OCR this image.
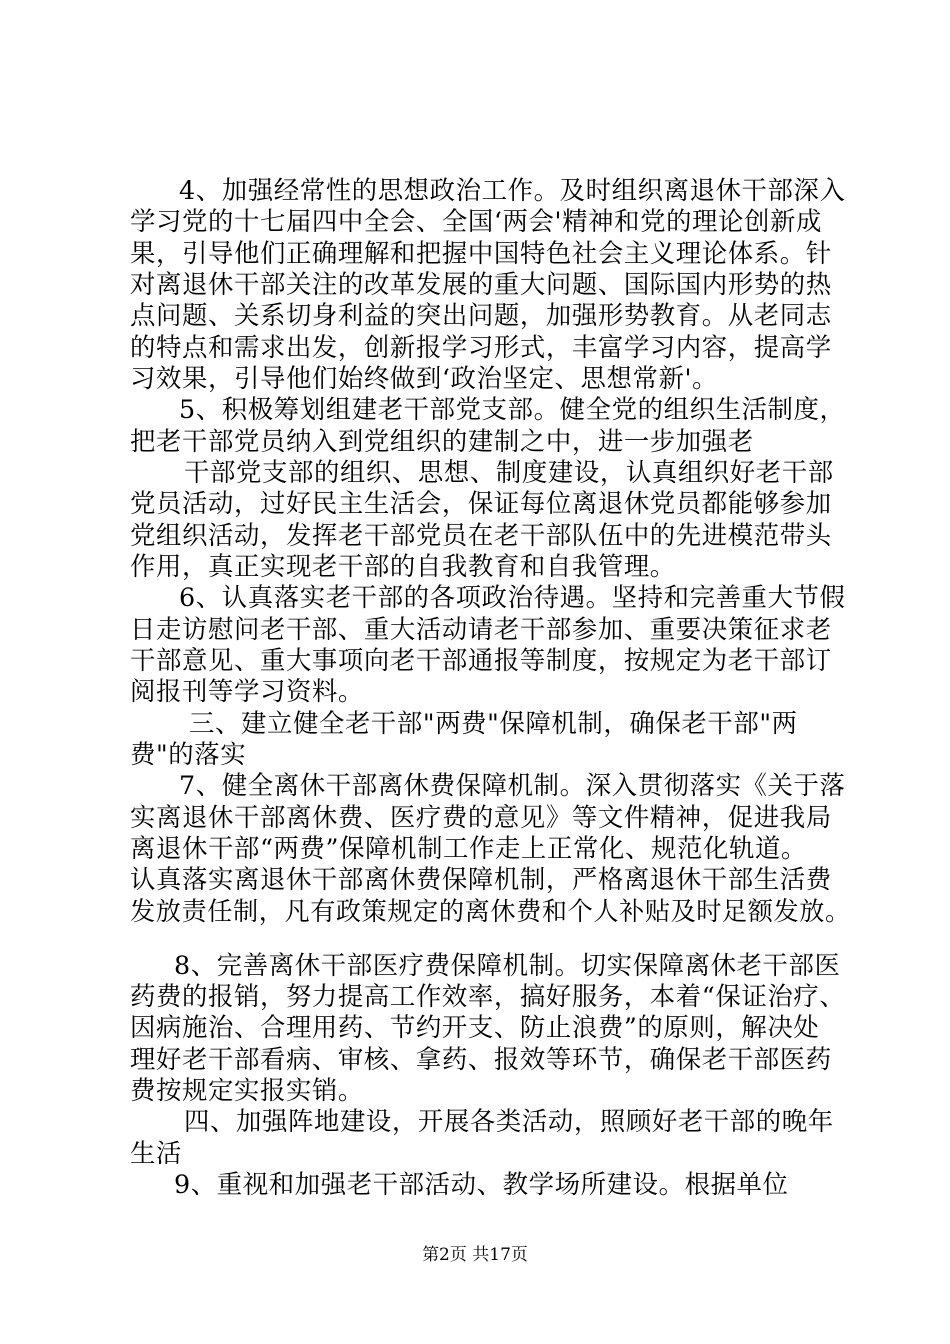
4、加强经常性的思想政治工作。及时组织离退休干部深入
学习党的十七届四中全会、全国‘两会'精神和党的理论创新成
果，引导他们正确理解和把握中国特色社会主义理论体系。针
对离退休干部关注的改革发展的重大问题、国际国内形势的热
点问题、关系切身利益的突出问题，加强形势教育。从老同志
的特点和需求出发，创新报学习形式，丰富学习内容，提高学
习效果，引导他们始终做到‘政治坚定、思想常新'。
5、积极筹划组建老干部党支部。健全党的组织生活制度，
把老干部党员纳入到党组织的建制之中，进一步加强老
干部党支部的组织、思想、制度建设，认真组织好老干部
党员活动，过好民主生活会，保证每位离退休党员都能够参加
党组织活动，发挥老干部党员在老干部队伍中的先进模范带头
作用，真正实现老干部的自我教育和自我管理。
6、认真落实老干部的各项政治待遇。坚持和完善重大节假
日走访慰问老干部、重大活动请老干部参加、重要决策征求老
干部意见、重大事项向老干部通报等制度，按规定为老干部订
阅报刊等学习资料。
三、建立健全老干部"两费"保障机制，确保老干部"两
费"的落实
7、健全离休干部离休费保障机制。深入贯彻落实《关于落
实离退休干部离休费、医疗费的意见》等文件精神，促进我局
离退休干部“两费”保障机制工作走上正常化、规范化轨道。
认真落实离退休干部离休费保障机制，严格离退休干部生活费
发放责任制，凡有政策规定的离休费和个人补贴及时足额发放。
8、完善离休干部医疗费保障机制。切实保障离休老干部医
药费的报销，努力提高工作效率，搞好服务，本着“保证治疗、
因病施治、合理用药、节约开支、防止浪费”的原则，解决处
理好老干部看病、审核、拿药、报效等环节，确保老干部医药
费按规定实报实销。
四、加强阵地建设，开展各类活动，照顾好老干部的晚年
生活
9、重视和加强老干部活动、教学场所建设。根据单位
第2页 共17页
